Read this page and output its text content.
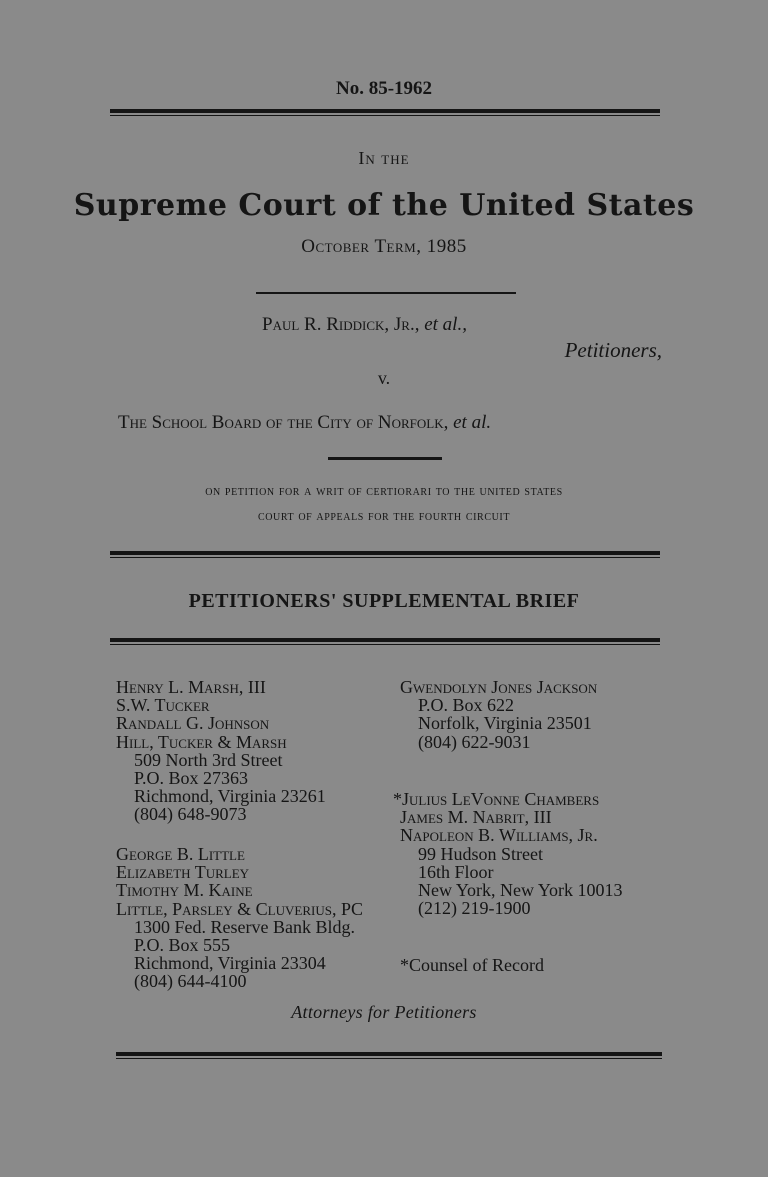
No. 85-1962
In the
Supreme Court of the United States
October Term, 1985
Paul R. Riddick, Jr., et al.,
Petitioners,
v.
The School Board of the City of Norfolk, et al.
on petition for a writ of certiorari to the united states
court of appeals for the fourth circuit
PETITIONERS' SUPPLEMENTAL BRIEF
Henry L. Marsh, III
S.W. Tucker
Randall G. Johnson
Hill, Tucker & Marsh
509 North 3rd Street
P.O. Box 27363
Richmond, Virginia 23261
(804) 648-9073
George B. Little
Elizabeth Turley
Timothy M. Kaine
Little, Parsley & Cluverius, PC
1300 Fed. Reserve Bank Bldg.
P.O. Box 555
Richmond, Virginia 23304
(804) 644-4100
Gwendolyn Jones Jackson
P.O. Box 622
Norfolk, Virginia 23501
(804) 622-9031
*Julius LeVonne Chambers
James M. Nabrit, III
Napoleon B. Williams, Jr.
99 Hudson Street
16th Floor
New York, New York 10013
(212) 219-1900
*Counsel of Record
Attorneys for Petitioners
